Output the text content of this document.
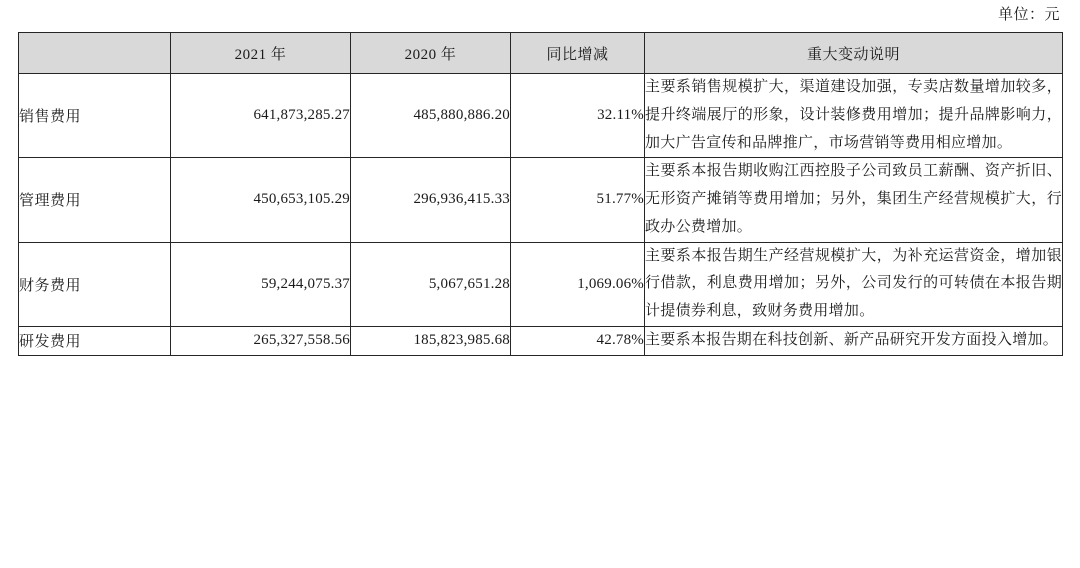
单位：元
	2021 年	2020 年	同比增减	重大变动说明
销售费用	641,873,285.27	485,880,886.20	32.11%	主要系销售规模扩大，渠道建设加强，专卖店数量增加较多，提升终端展厅的形象，设计装修费用增加；提升品牌影响力，加大广告宣传和品牌推广，市场营销等费用相应增加。

管理费用	450,653,105.29	296,936,415.33	51.77%	主要系本报告期收购江西控股子公司致员工薪酬、资产折旧、无形资产摊销等费用增加；另外，集团生产经营规模扩大，行政办公费增加。

财务费用	59,244,075.37	5,067,651.28	1,069.06%	主要系本报告期生产经营规模扩大，为补充运营资金，增加银行借款，利息费用增加；另外，公司发行的可转债在本报告期计提债券利息，致财务费用增加。

研发费用	265,327,558.56	185,823,985.68	42.78%	主要系本报告期在科技创新、新产品研究开发方面投入增加。
